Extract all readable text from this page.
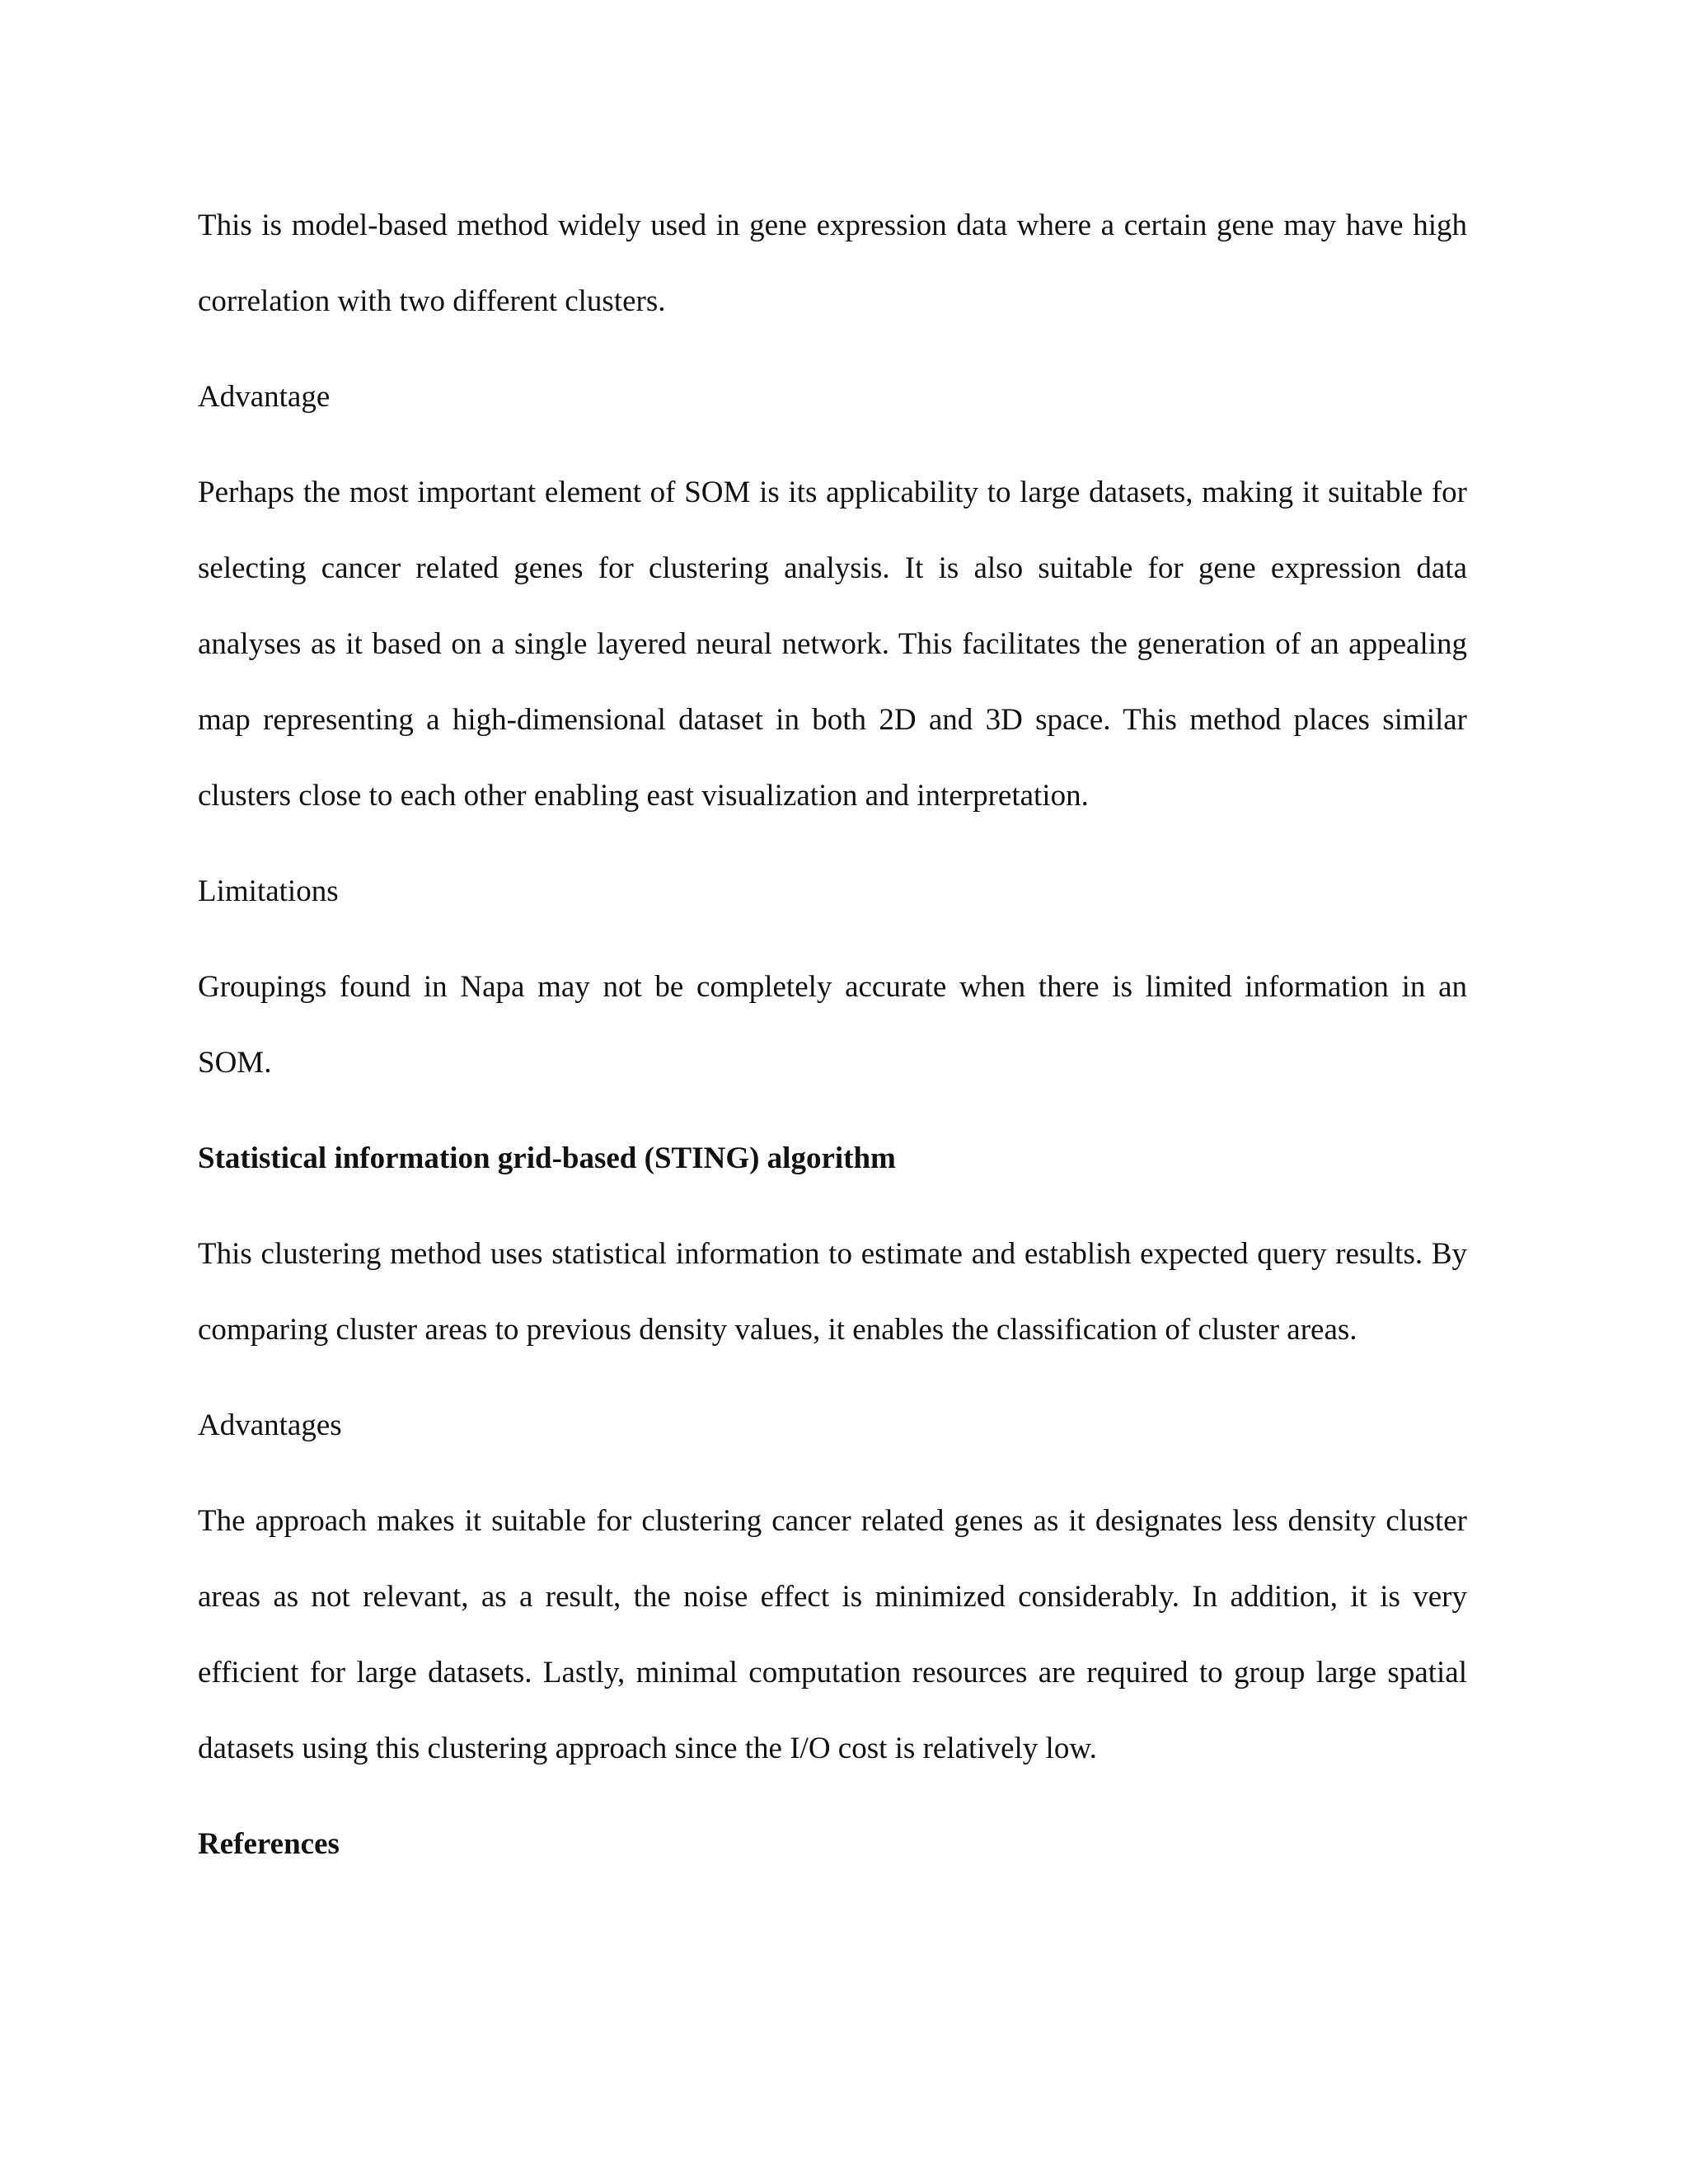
This is model-based method widely used in gene expression data where a certain gene may have high correlation with two different clusters.

Advantage

Perhaps the most important element of SOM is its applicability to large datasets, making it suitable for selecting cancer related genes for clustering analysis. It is also suitable for gene expression data analyses as it based on a single layered neural network. This facilitates the generation of an appealing map representing a high-dimensional dataset in both 2D and 3D space. This method places similar clusters close to each other enabling east visualization and interpretation.

Limitations

Groupings found in Napa may not be completely accurate when there is limited information in an SOM.

Statistical information grid-based (STING) algorithm

This clustering method uses statistical information to estimate and establish expected query results. By comparing cluster areas to previous density values, it enables the classification of cluster areas.

Advantages

The approach makes it suitable for clustering cancer related genes as it designates less density cluster areas as not relevant, as a result, the noise effect is minimized considerably. In addition, it is very efficient for large datasets. Lastly, minimal computation resources are required to group large spatial datasets using this clustering approach since the I/O cost is relatively low.

References
